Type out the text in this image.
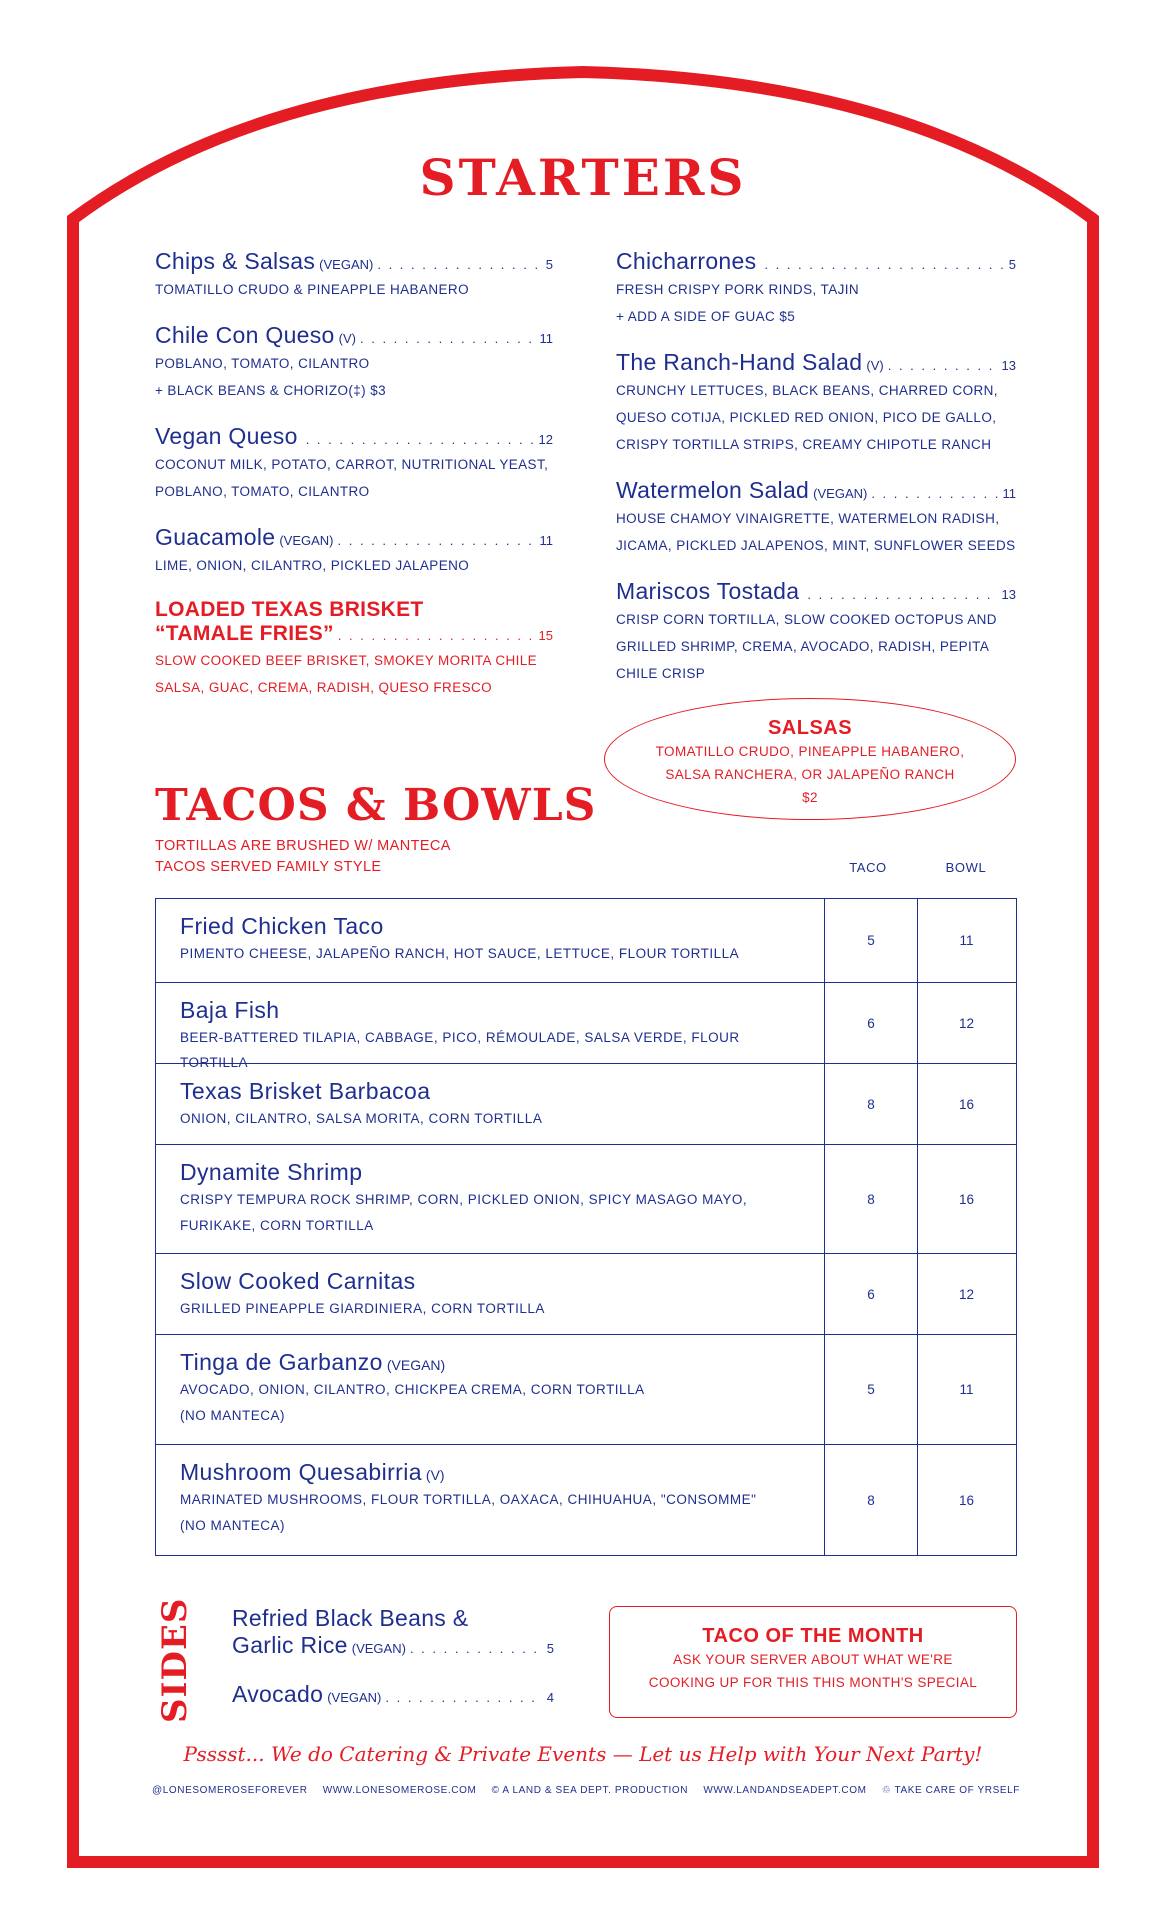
STARTERS
Chips & Salsas (VEGAN) . . .	5
TOMATILLO CRUDO & PINEAPPLE HABANERO
Chile Con Queso (V) . . .	11
POBLANO, TOMATO, CILANTRO
+ BLACK BEANS & CHORIZO(‡) $3
Vegan Queso . . .	12
COCONUT MILK, POTATO, CARROT, NUTRITIONAL YEAST,
POBLANO, TOMATO, CILANTRO
Guacamole (VEGAN) . . .	11
LIME, ONION, CILANTRO, PICKLED JALAPENO
LOADED TEXAS BRISKET
“TAMALE FRIES” . . .	15
SLOW COOKED BEEF BRISKET, SMOKEY MORITA CHILE
SALSA, GUAC, CREMA, RADISH, QUESO FRESCO
Chicharrones . . .	5
FRESH CRISPY PORK RINDS, TAJIN
+ ADD A SIDE OF GUAC $5
The Ranch-Hand Salad (V) . . .	13
CRUNCHY LETTUCES, BLACK BEANS, CHARRED CORN,
QUESO COTIJA, PICKLED RED ONION, PICO DE GALLO,
CRISPY TORTILLA STRIPS, CREAMY CHIPOTLE RANCH
Watermelon Salad (VEGAN) . . .	11
HOUSE CHAMOY VINAIGRETTE, WATERMELON RADISH,
JICAMA, PICKLED JALAPENOS, MINT, SUNFLOWER SEEDS
Mariscos Tostada . . .	13
CRISP CORN TORTILLA, SLOW COOKED OCTOPUS AND
GRILLED SHRIMP, CREMA, AVOCADO, RADISH, PEPITA
CHILE CRISP
SALSAS
TOMATILLO CRUDO, PINEAPPLE HABANERO,
SALSA RANCHERA, OR JALAPEÑO RANCH
$2
TACOS & BOWLS
TORTILLAS ARE BRUSHED W/ MANTECA
TACOS SERVED FAMILY STYLE	TACO	BOWL
Fried Chicken Taco
PIMENTO CHEESE, JALAPEÑO RANCH, HOT SAUCE, LETTUCE, FLOUR TORTILLA
5	11
Baja Fish
BEER-BATTERED TILAPIA, CABBAGE, PICO, RÉMOULADE, SALSA VERDE, FLOUR TORTILLA
6	12
Texas Brisket Barbacoa
ONION, CILANTRO, SALSA MORITA, CORN TORTILLA
8	16
Dynamite Shrimp
CRISPY TEMPURA ROCK SHRIMP, CORN, PICKLED ONION, SPICY MASAGO MAYO,
FURIKAKE, CORN TORTILLA
8	16
Slow Cooked Carnitas
GRILLED PINEAPPLE GIARDINIERA, CORN TORTILLA
6	12
Tinga de Garbanzo (VEGAN)
AVOCADO, ONION, CILANTRO, CHICKPEA CREMA, CORN TORTILLA
(NO MANTECA)
5	11
Mushroom Quesabirria (V)
MARINATED MUSHROOMS, FLOUR TORTILLA, OAXACA, CHIHUAHUA, "CONSOMME"
(NO MANTECA)
8	16
SIDES Refried Black Beans &
Garlic Rice (VEGAN) . . .	5
Avocado (VEGAN) . . .	4
TACO OF THE MONTH
ASK YOUR SERVER ABOUT WHAT WE'RE
COOKING UP FOR THIS THIS MONTH'S SPECIAL
Psssst... We do Catering & Private Events — Let us Help with Your Next Party!
@LONESOMEROSEFOREVER WWW.LONESOMEROSE.COM © A LAND & SEA DEPT. PRODUCTION WWW.LANDANDSEADEPT.COM ♲ TAKE CARE OF YRSELF
